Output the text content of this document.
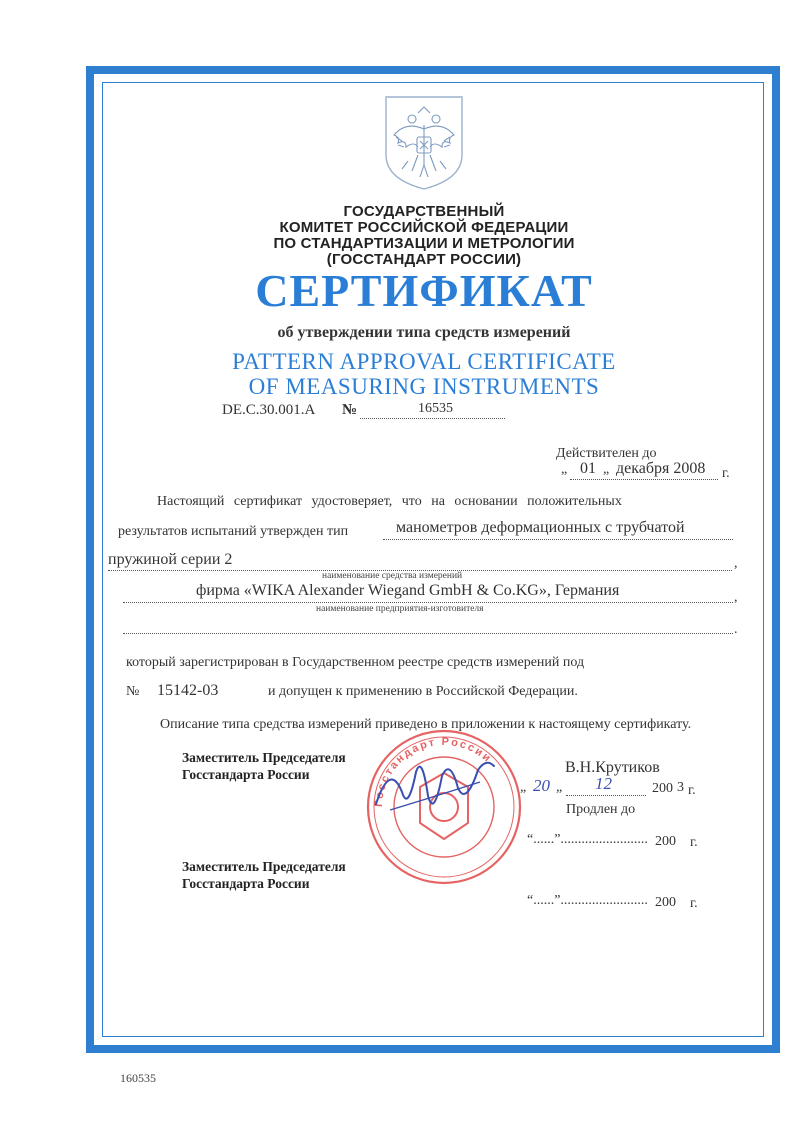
ГОСУДАРСТВЕННЫЙ
КОМИТЕТ РОССИЙСКОЙ ФЕДЕРАЦИИ
ПО СТАНДАРТИЗАЦИИ И МЕТРОЛОГИИ
(ГОССТАНДАРТ РОССИИ)
СЕРТИФИКАТ
об утверждении типа средств измерений
PATTERN APPROVAL CERTIFICATE
OF MEASURING INSTRUMENTS
DE.C.30.001.A №	16535
Действителен до
„ 01 „ декабря 2008 г.
Настоящий сертификат удостоверяет, что на основании положительных
результатов испытаний утвержден тип	манометров деформационных с трубчатой
пружиной серии 2	,
наименование средства измерений
фирма «WIKA Alexander Wiegand GmbH & Co.KG», Германия	,
наименование предприятия-изготовителя
.
который зарегистрирован в Государственном реестре средств измерений под
№ 15142-03	и допущен к применению в Российской Федерации.
Описание типа средства измерений приведено в приложении к настоящему сертификату.
Госстандарт России
Заместитель Председателя
Госстандарта России	В.Н.Крутиков
„ 20 „ 12	200 3 г.
Продлен до
“......”......................... 200 г.
Заместитель Председателя
Госстандарта России
“......”......................... 200 г.
160535
